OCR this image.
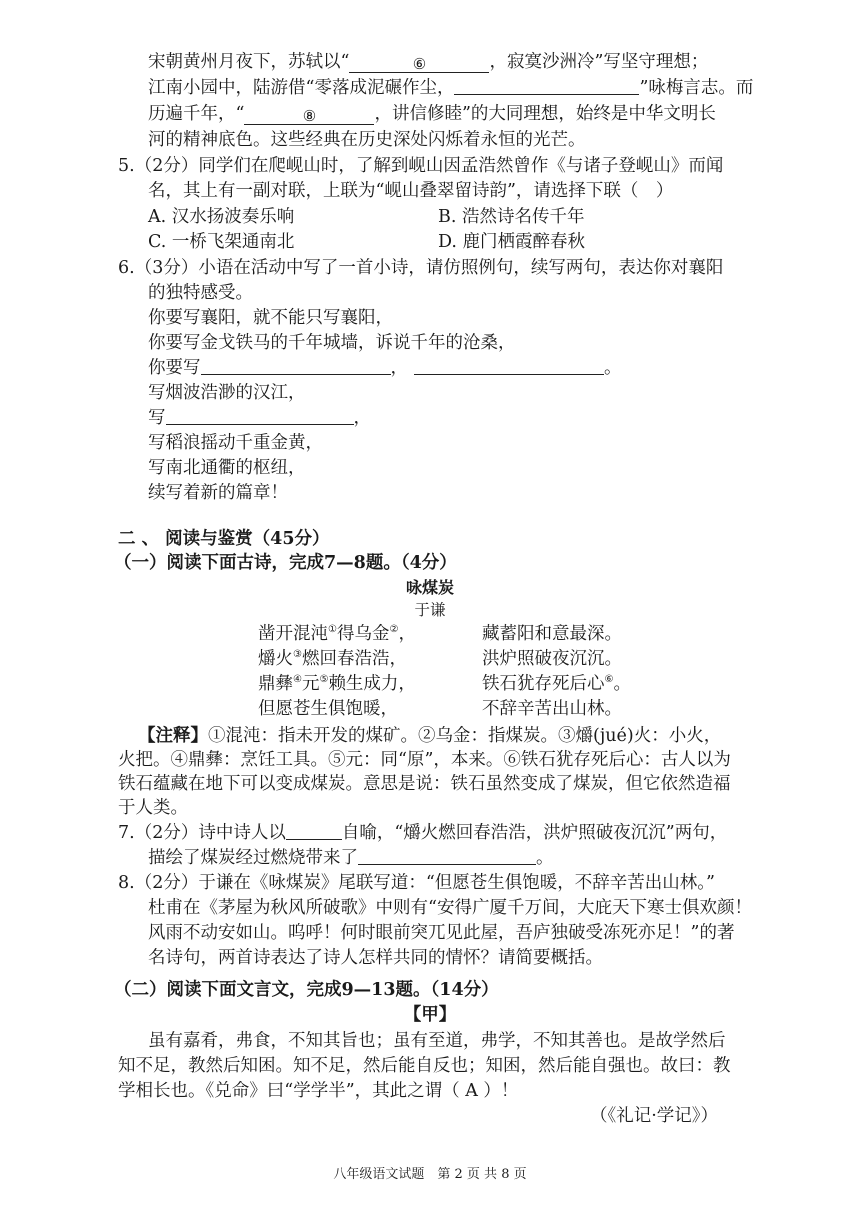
宋朝黄州月夜下，苏轼以“	⑥	，寂寞沙洲冷”写坚守理想；
江南小园中，陆游借“零落成泥碾作尘，	”咏梅言志。而
历遍千年，“	⑧	，讲信修睦”的大同理想，始终是中华文明长
河的精神底色。这些经典在历史深处闪烁着永恒的光芒。
5.（2分）同学们在爬岘山时，了解到岘山因孟浩然曾作《与诸子登岘山》而闻
名，其上有一副对联，上联为“岘山叠翠留诗韵”，请选择下联（　）
A. 汉水扬波奏乐响	B. 浩然诗名传千年
C. 一桥飞架通南北	D. 鹿门栖霞醉春秋
6.（3分）小语在活动中写了一首小诗，请仿照例句，续写两句，表达你对襄阳
的独特感受。
你要写襄阳，就不能只写襄阳，
你要写金戈铁马的千年城墙，诉说千年的沧桑，
你要写	，	。
写烟波浩渺的汉江，
写	，
写稻浪摇动千重金黄，
写南北通衢的枢纽，
续写着新的篇章！
二 、 阅读与鉴赏（45分）
（一）阅读下面古诗，完成7—8题。（4分）
咏煤炭
于谦
凿开混沌①得乌金②，	藏蓄阳和意最深。
爝火③燃回春浩浩，	洪炉照破夜沉沉。
鼎彝④元⑤赖生成力，	铁石犹存死后心⑥。
但愿苍生俱饱暖，	不辞辛苦出山林。
【注释】①混沌：指未开发的煤矿。②乌金：指煤炭。③爝(jué)火：小火，
火把。④鼎彝：烹饪工具。⑤元：同“原”，本来。⑥铁石犹存死后心：古人以为
铁石蕴藏在地下可以变成煤炭。意思是说：铁石虽然变成了煤炭，但它依然造福
于人类。
7.（2分）诗中诗人以	自喻，“爝火燃回春浩浩，洪炉照破夜沉沉”两句，
描绘了煤炭经过燃烧带来了	。
8.（2分）于谦在《咏煤炭》尾联写道：“但愿苍生俱饱暖，不辞辛苦出山林。”
杜甫在《茅屋为秋风所破歌》中则有“安得广厦千万间，大庇天下寒士俱欢颜！
风雨不动安如山。呜呼！何时眼前突兀见此屋，吾庐独破受冻死亦足！”的著
名诗句，两首诗表达了诗人怎样共同的情怀？请简要概括。
（二）阅读下面文言文，完成9—13题。（14分）
【甲】
虽有嘉肴，弗食，不知其旨也；虽有至道，弗学，不知其善也。是故学然后
知不足，教然后知困。知不足，然后能自反也；知困，然后能自强也。故曰：教
学相长也。《兑命》曰“学学半”，其此之谓（ A ）！
（《礼记·学记》）
八年级语文试题　第 2 页 共 8 页
